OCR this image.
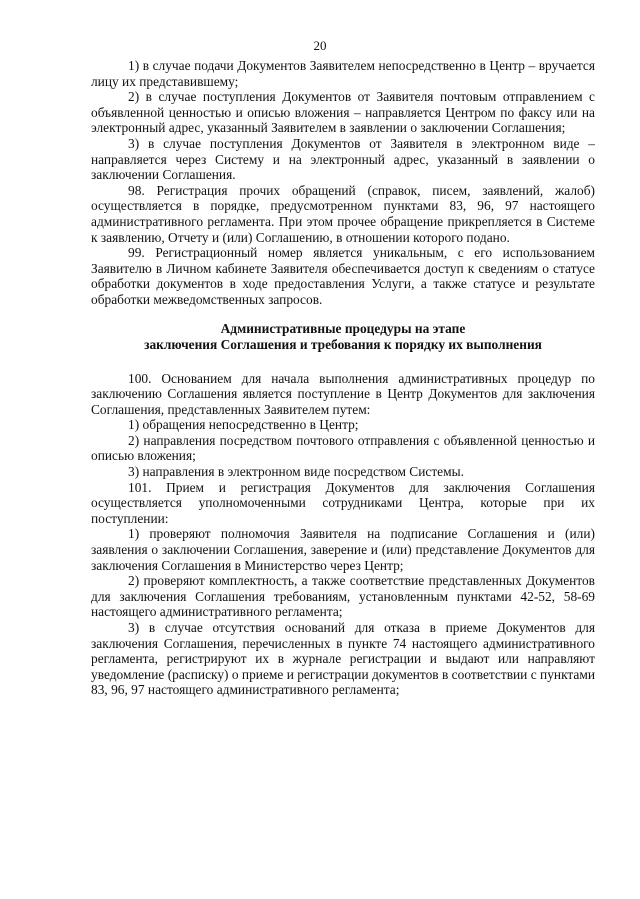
20

1) в случае подачи Документов Заявителем непосредственно в Центр – вручается лицу их представившему;

2) в случае поступления Документов от Заявителя почтовым отправлением с объявленной ценностью и описью вложения – направляется Центром по факсу или на электронный адрес, указанный Заявителем в заявлении о заключении Соглашения;

3) в случае поступления Документов от Заявителя в электронном виде – направляется через Систему и на электронный адрес, указанный в заявлении о заключении Соглашения.

98. Регистрация прочих обращений (справок, писем, заявлений, жалоб) осуществляется в порядке, предусмотренном пунктами 83, 96, 97 настоящего административного регламента. При этом прочее обращение прикрепляется в Системе к заявлению, Отчету и (или) Соглашению, в отношении которого подано.

99. Регистрационный номер является уникальным, с его использованием Заявителю в Личном кабинете Заявителя обеспечивается доступ к сведениям о статусе обработки документов в ходе предоставления Услуги, а также статусе и результате обработки межведомственных запросов.

Административные процедуры на этапе

заключения Соглашения и требования к порядку их выполнения

100. Основанием для начала выполнения административных процедур по заключению Соглашения является поступление в Центр Документов для заключения Соглашения, представленных Заявителем путем:

1) обращения непосредственно в Центр;

2) направления посредством почтового отправления с объявленной ценностью и описью вложения;

3) направления в электронном виде посредством Системы.

101. Прием и регистрация Документов для заключения Соглашения осуществляется уполномоченными сотрудниками Центра, которые при их поступлении:

1) проверяют полномочия Заявителя на подписание Соглашения и (или) заявления о заключении Соглашения, заверение и (или) представление Документов для заключения Соглашения в Министерство через Центр;

2) проверяют комплектность, а также соответствие представленных Документов для заключения Соглашения требованиям, установленным пунктами 42-52, 58-69 настоящего административного регламента;

3) в случае отсутствия оснований для отказа в приеме Документов для заключения Соглашения, перечисленных в пункте 74 настоящего административного регламента, регистрируют их в журнале регистрации и выдают или направляют уведомление (расписку) о приеме и регистрации документов в соответствии с пунктами 83, 96, 97 настоящего административного регламента;
